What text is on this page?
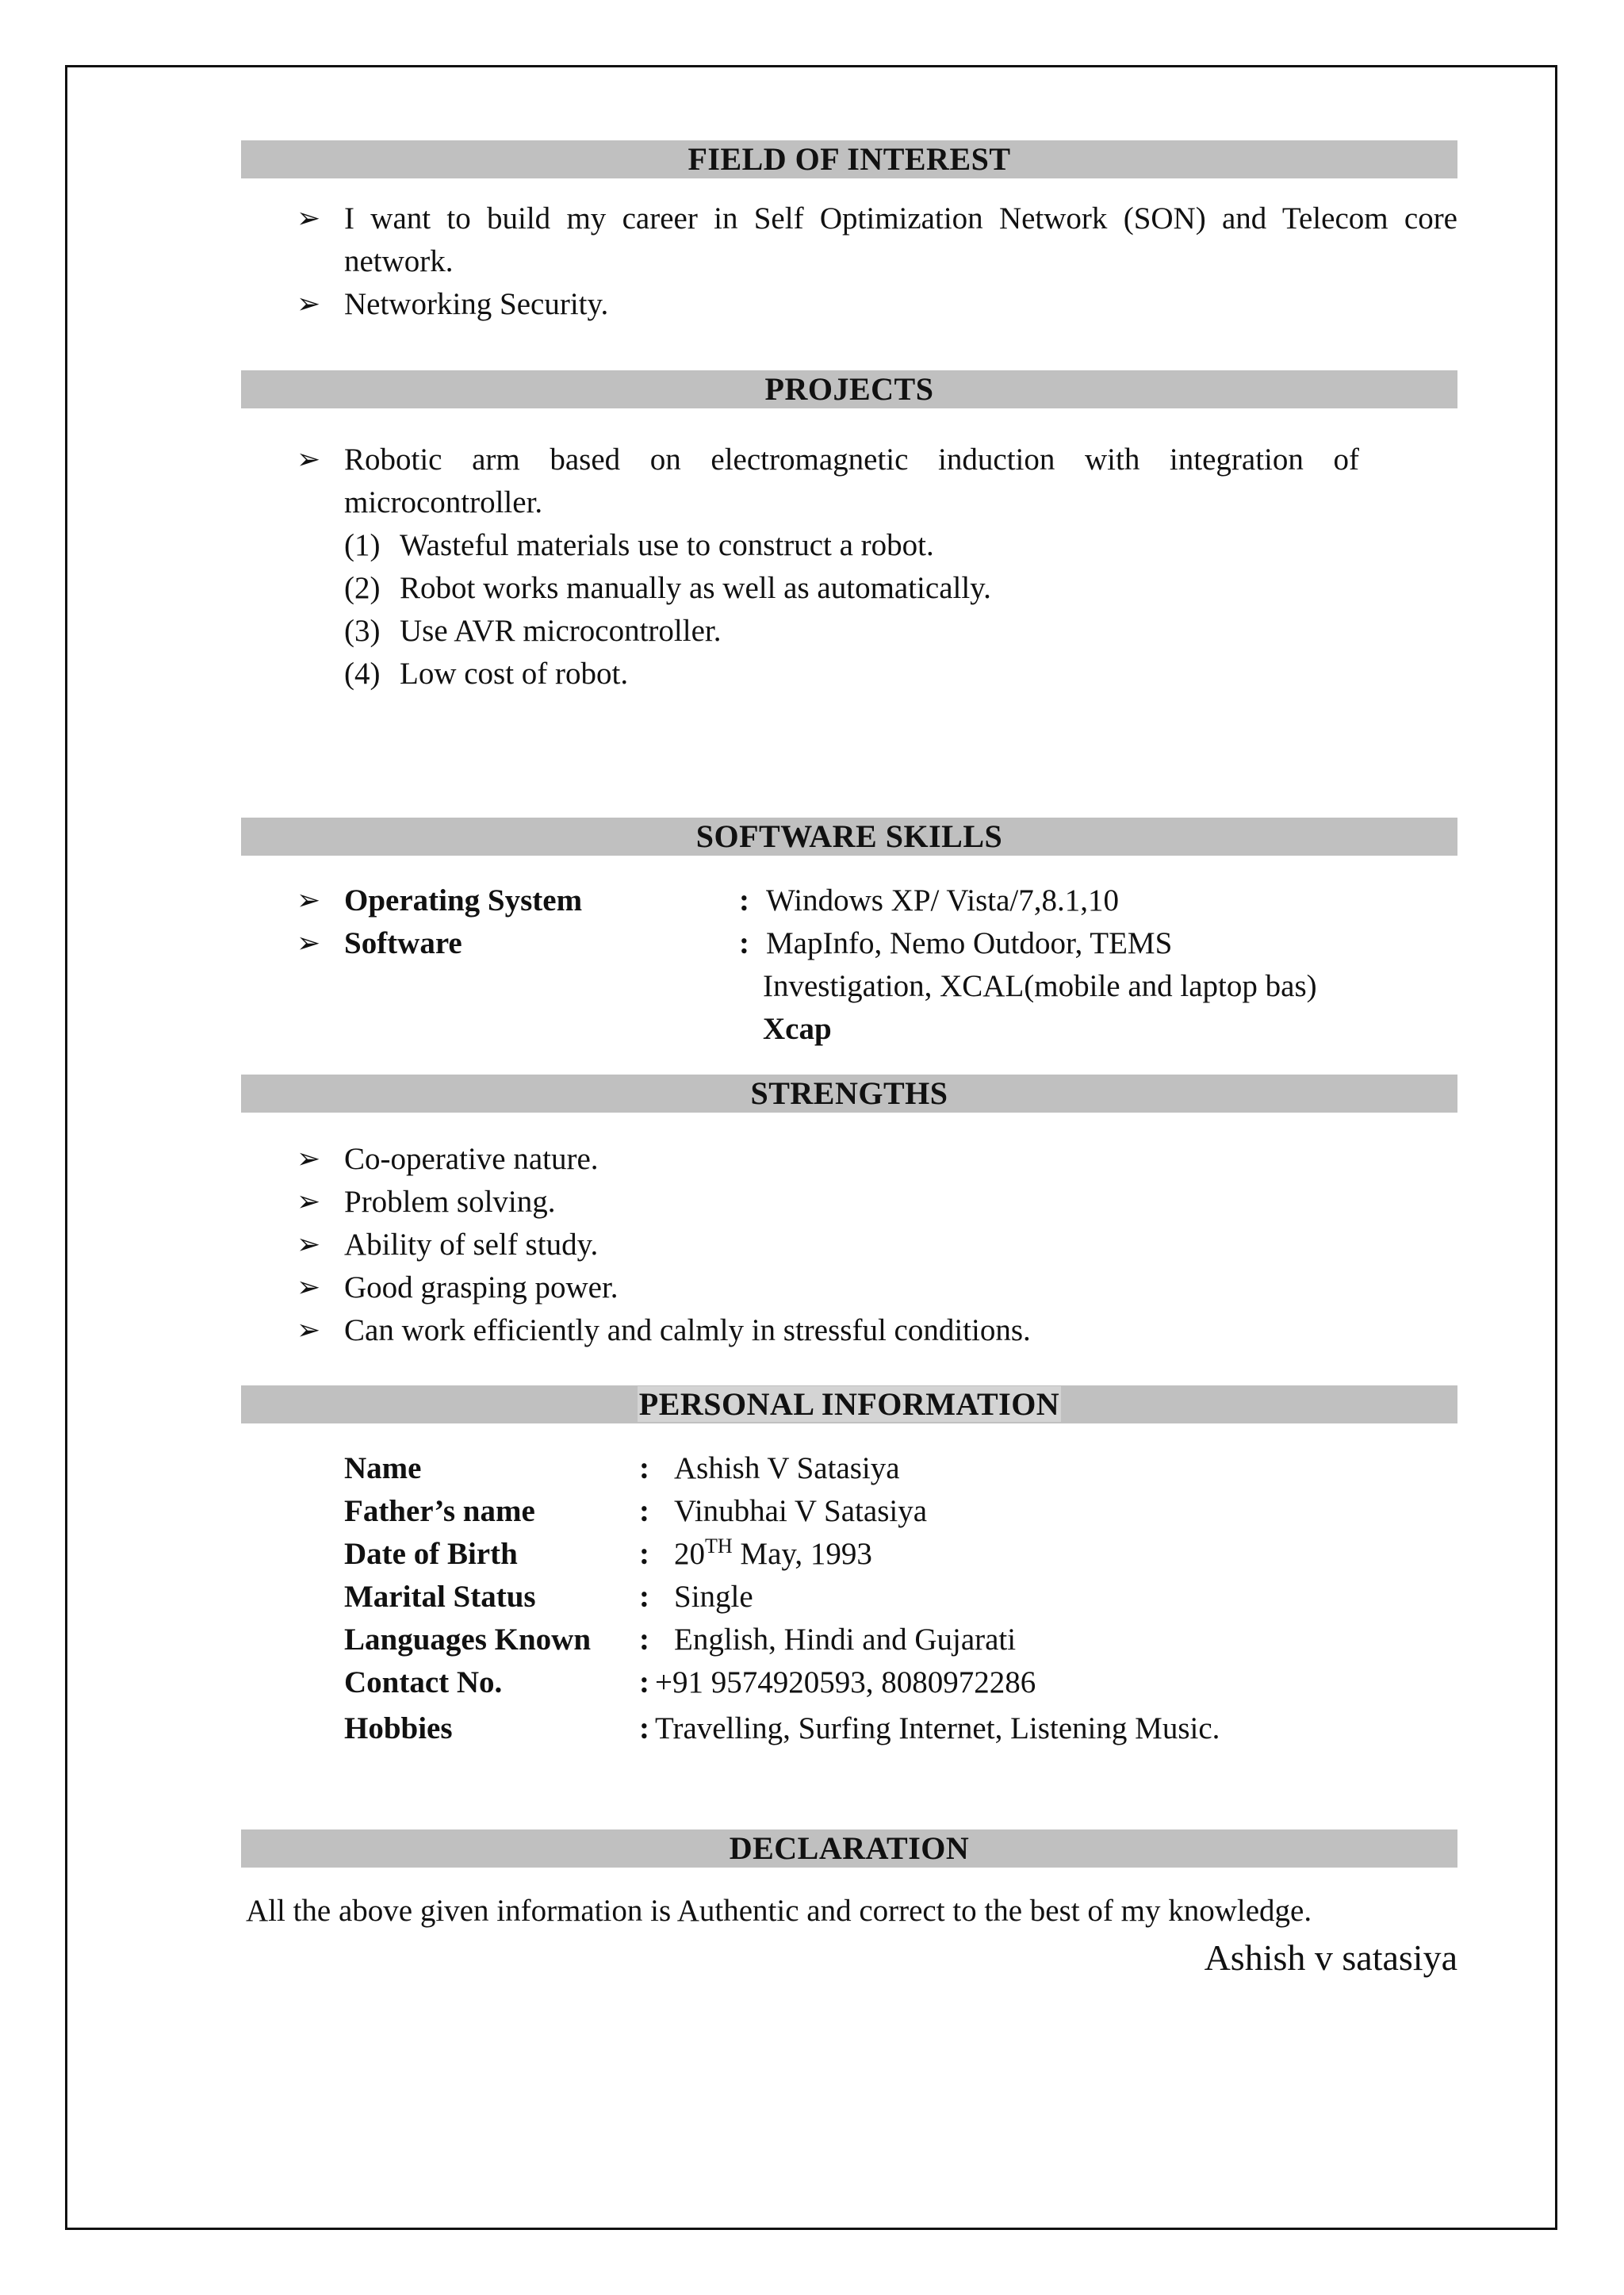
FIELD OF INTEREST
➢ I want to build my career in Self Optimization Network (SON) and Telecom core
network.
➢ Networking Security.
PROJECTS
➢ Robotic arm based on electromagnetic induction with integration of
microcontroller.
(1) Wasteful materials use to construct a robot.
(2) Robot works manually as well as automatically.
(3) Use AVR microcontroller.
(4) Low cost of robot.
SOFTWARE SKILLS
➢ Operating System	: Windows XP/ Vista/7,8.1,10
➢ Software	: MapInfo, Nemo Outdoor, TEMS
Investigation, XCAL(mobile and laptop bas)
Xcap
STRENGTHS
➢ Co-operative nature.
➢ Problem solving.
➢ Ability of self study.
➢ Good grasping power.
➢ Can work efficiently and calmly in stressful conditions.
PERSONAL INFORMATION
Name	: Ashish V Satasiya
Father’s name	: Vinubhai V Satasiya
Date of Birth	: 20TH May, 1993
Marital Status	: Single
Languages Known : English, Hindi and Gujarati
Contact No.	: +91 9574920593, 8080972286
Hobbies	: Travelling, Surfing Internet, Listening Music.
DECLARATION
All the above given information is Authentic and correct to the best of my knowledge.
Ashish v satasiya
